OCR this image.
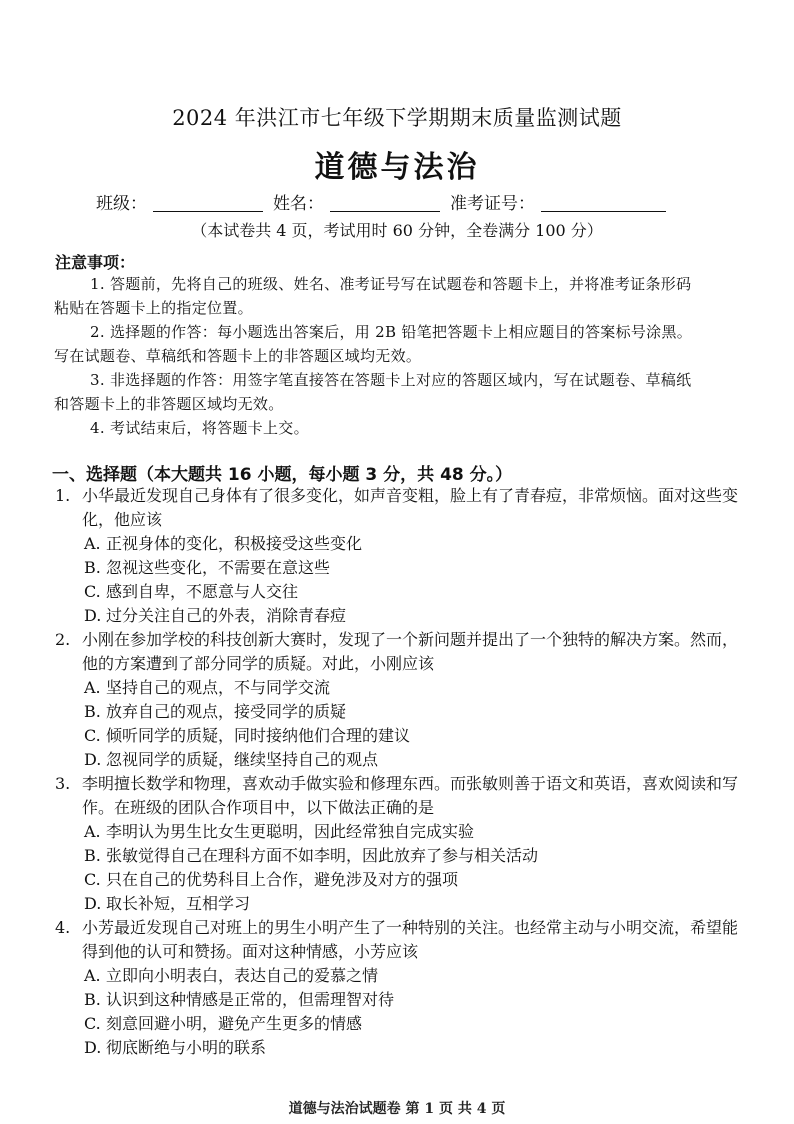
2024 年洪江市七年级下学期期末质量监测试题
道德与法治
班级：	姓名：	准考证号：
（本试卷共 4 页，考试用时 60 分钟，全卷满分 100 分）
注意事项：
1. 答题前，先将自己的班级、姓名、准考证号写在试题卷和答题卡上，并将准考证条形码粘贴在答题卡上的指定位置。
2. 选择题的作答：每小题选出答案后，用 2B 铅笔把答题卡上相应题目的答案标号涂黑。写在试题卷、草稿纸和答题卡上的非答题区域均无效。
3. 非选择题的作答：用签字笔直接答在答题卡上对应的答题区域内，写在试题卷、草稿纸和答题卡上的非答题区域均无效。
4. 考试结束后，将答题卡上交。
一、选择题（本大题共 16 小题，每小题 3 分，共 48 分。）
1. 小华最近发现自己身体有了很多变化，如声音变粗，脸上有了青春痘，非常烦恼。面对这些变化，他应该
A. 正视身体的变化，积极接受这些变化
B. 忽视这些变化，不需要在意这些
C. 感到自卑，不愿意与人交往
D. 过分关注自己的外表，消除青春痘
2. 小刚在参加学校的科技创新大赛时，发现了一个新问题并提出了一个独特的解决方案。然而，他的方案遭到了部分同学的质疑。对此，小刚应该
A. 坚持自己的观点，不与同学交流
B. 放弃自己的观点，接受同学的质疑
C. 倾听同学的质疑，同时接纳他们合理的建议
D. 忽视同学的质疑，继续坚持自己的观点
3. 李明擅长数学和物理，喜欢动手做实验和修理东西。而张敏则善于语文和英语，喜欢阅读和写作。在班级的团队合作项目中，以下做法正确的是
A. 李明认为男生比女生更聪明，因此经常独自完成实验
B. 张敏觉得自己在理科方面不如李明，因此放弃了参与相关活动
C. 只在自己的优势科目上合作，避免涉及对方的强项
D. 取长补短，互相学习
4. 小芳最近发现自己对班上的男生小明产生了一种特别的关注。也经常主动与小明交流，希望能得到他的认可和赞扬。面对这种情感，小芳应该
A. 立即向小明表白，表达自己的爱慕之情
B. 认识到这种情感是正常的，但需理智对待
C. 刻意回避小明，避免产生更多的情感
D. 彻底断绝与小明的联系
道德与法治试题卷 第 1 页 共 4 页
